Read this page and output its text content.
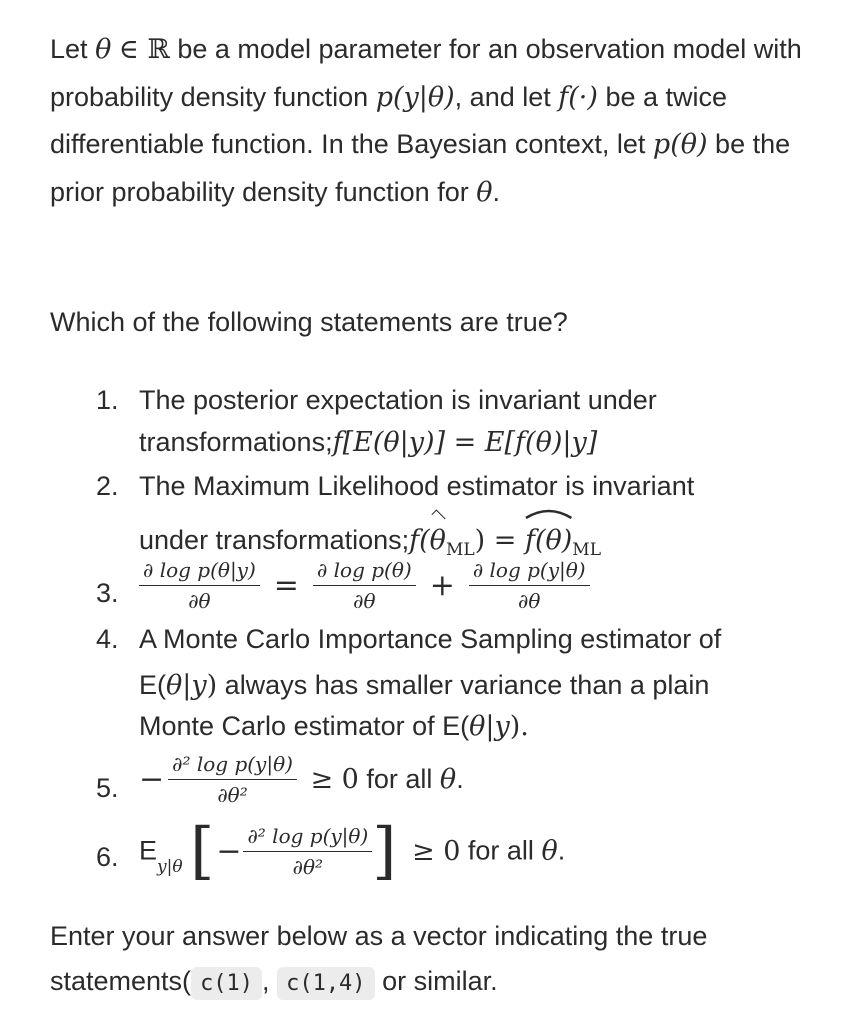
Let θ ∈ ℝ be a model parameter for an observation model with probability density function p(y|θ), and let f(·) be a twice differentiable function. In the Bayesian context, let p(θ) be the prior probability density function for θ.

Which of the following statements are true?

1. The posterior expectation is invariant under
transformations;f[E(θ|y)] = E[f(θ)|y]
2. The Maximum Likelihood estimator is invariant
under $transformations;f(\theta_{ML})$ =
$f(\theta)_{ML}$
3. $\frac{\text{∂ log p(θ|y)}}{\partial\theta} = \frac{\text{∂ log p(θ)}}{\partial\theta} + \frac{\text{∂ log p(y|θ)}}{\partial\theta}$
4. A Monte Carlo Importance Sampling estimator of
E(θ|y) always has smaller variance than a plain
Monte Carlo estimator of E(θ|y).
5. − $\frac{\text{∂² log p(y|θ)}}{\text{∂θ²}} \ge 0$ for all θ.
6. $E_{y|\theta}$ [− $\frac{\text{∂² log p(y|θ)}}{\text{∂θ²}}$ ] ≥ 0 for all θ.

Enter your answer below as a vector indicating the true
statements( c(1) , c(1,4) or similar.
